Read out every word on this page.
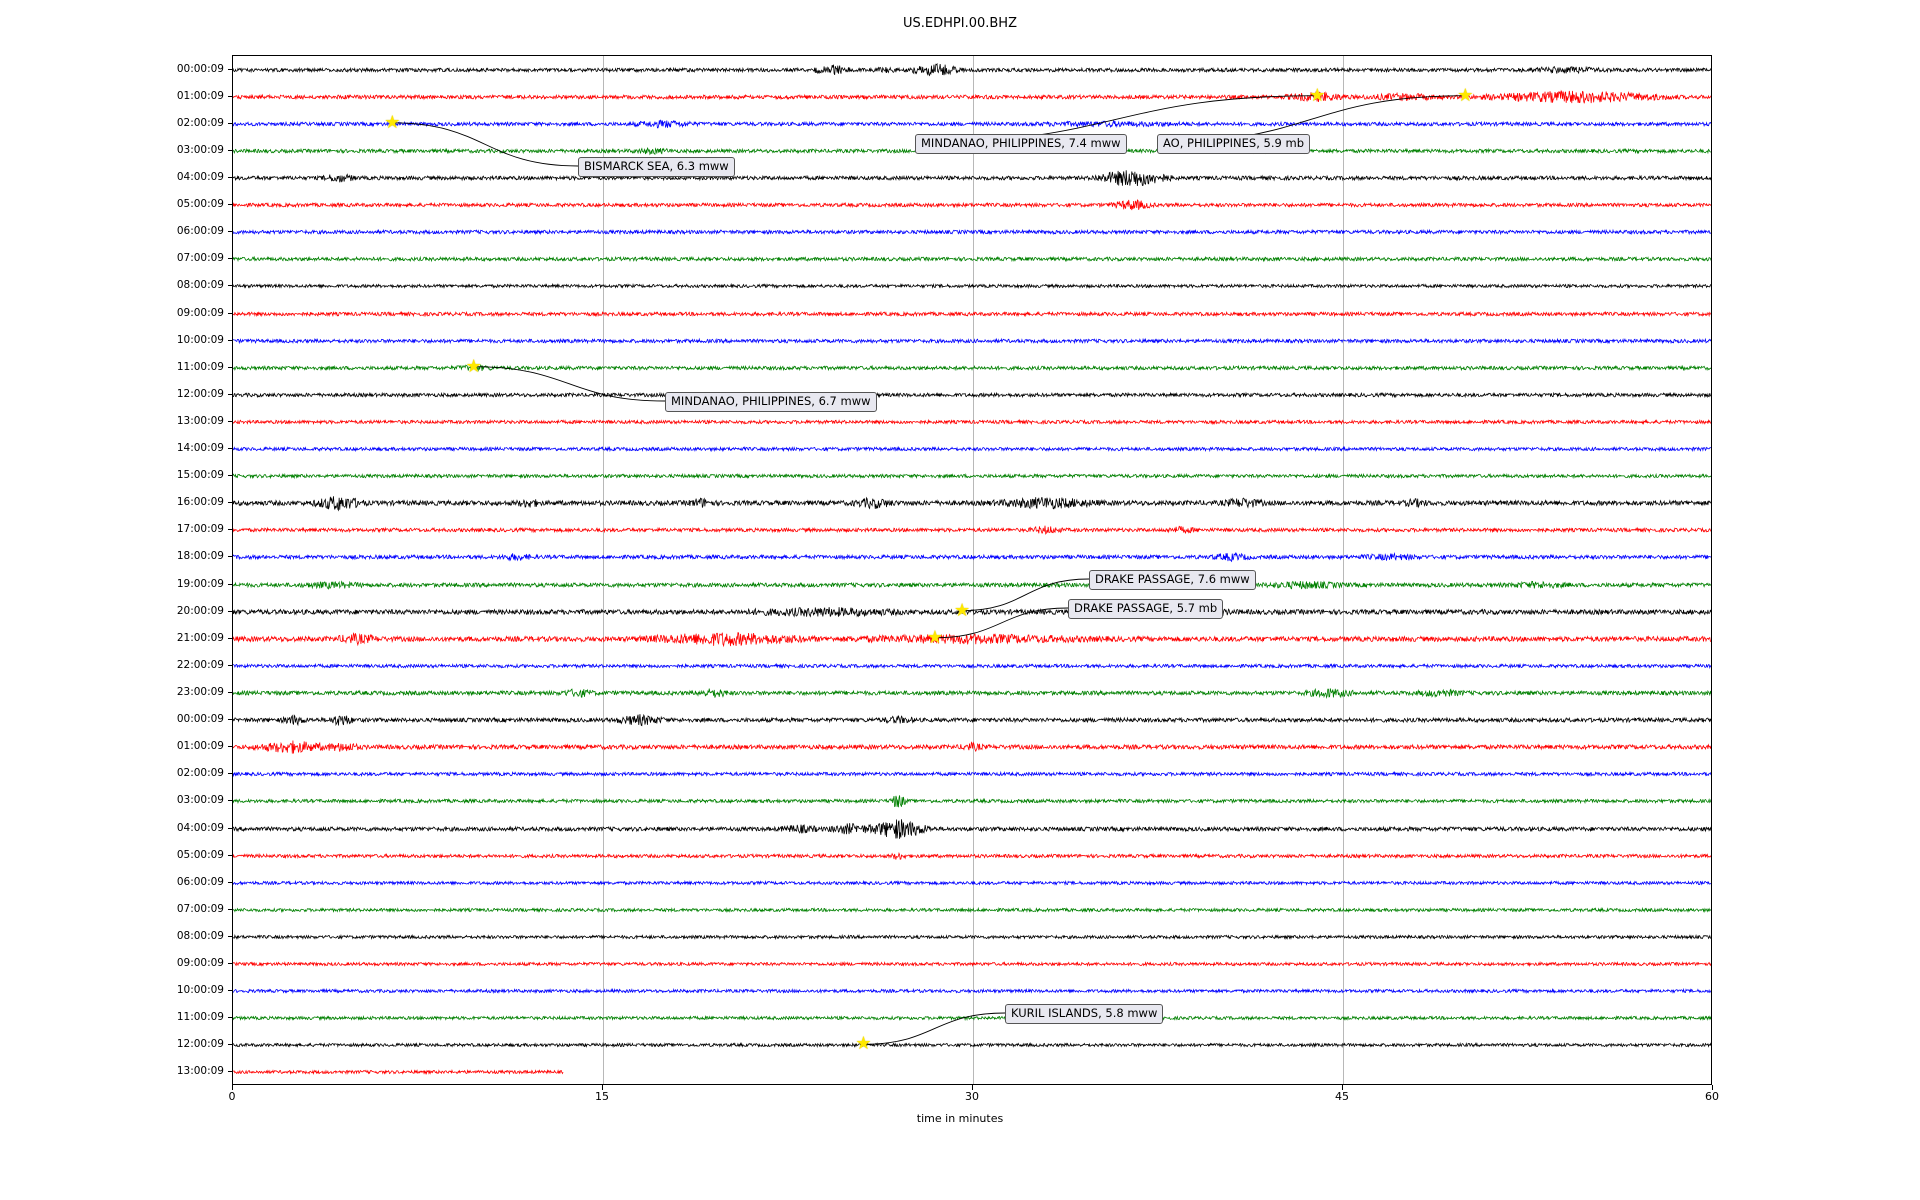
US.EDHPI.00.BHZ
00:00:09
01:00:09
02:00:09
03:00:09
04:00:09
05:00:09
06:00:09
07:00:09
08:00:09
09:00:09
10:00:09
11:00:09
12:00:09
13:00:09
14:00:09
15:00:09
16:00:09
17:00:09
18:00:09
19:00:09
20:00:09
21:00:09
22:00:09
23:00:09
00:00:09
01:00:09
02:00:09
03:00:09
04:00:09
05:00:09
06:00:09
07:00:09
08:00:09
09:00:09
10:00:09
11:00:09
12:00:09
13:00:09
time in minutes
★
BISMARCK SEA, 6.3 mww
★
MINDANAO, PHILIPPINES, 7.4 mww
★
AO, PHILIPPINES, 5.9 mb
★
MINDANAO, PHILIPPINES, 6.7 mww
★
DRAKE PASSAGE, 7.6 mww
★
DRAKE PASSAGE, 5.7 mb
★
KURIL ISLANDS, 5.8 mww
0	15	30	45	60
